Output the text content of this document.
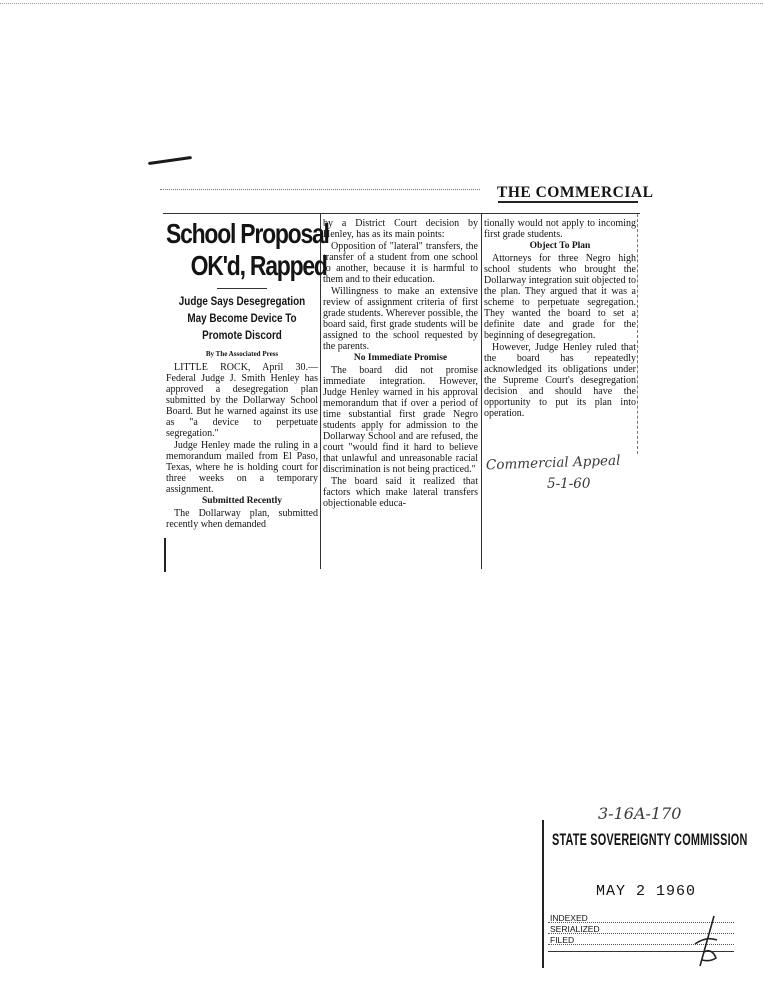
THE COMMERCIAL
School Proposal
OK'd, Rapped
Judge Says Desegregation May Become Device To Promote Discord
By The Associated Press

LITTLE ROCK, April 30.—Federal Judge J. Smith Henley has approved a desegregation plan submitted by the Dollarway School Board. But he warned against its use as "a device to perpetuate segregation."

Judge Henley made the ruling in a memorandum mailed from El Paso, Texas, where he is holding court for three weeks on a temporary assignment.

Submitted Recently

The Dollarway plan, submitted recently when demanded

by a District Court decision by Henley, has as its main points:

Opposition of "lateral" transfers, the transfer of a student from one school to another, because it is harmful to them and to their education.

Willingness to make an extensive review of assignment criteria of first grade students. Wherever possible, the board said, first grade students will be assigned to the school requested by the parents.

No Immediate Promise

The board did not promise immediate integration. However, Judge Henley warned in his approval memorandum that if over a period of time substantial first grade Negro students apply for admission to the Dollarway School and are refused, the court "would find it hard to believe that unlawful and unreasonable racial discrimination is not being practiced."

The board said it realized that factors which make lateral transfers objectionable educa-

tionally would not apply to incoming first grade students.

Object To Plan

Attorneys for three Negro high school students who brought the Dollarway integration suit objected to the plan. They argued that it was a scheme to perpetuate segregation. They wanted the board to set a definite date and grade for the beginning of desegregation.

However, Judge Henley ruled that the board has repeatedly acknowledged its obligations under the Supreme Court's desegregation decision and should have the opportunity to put its plan into operation.

Commercial Appeal
5-1-60
3-16A-170
STATE SOVEREIGNTY COMMISSION
MAY 2 1960
INDEXED
SERIALIZED
FILED
